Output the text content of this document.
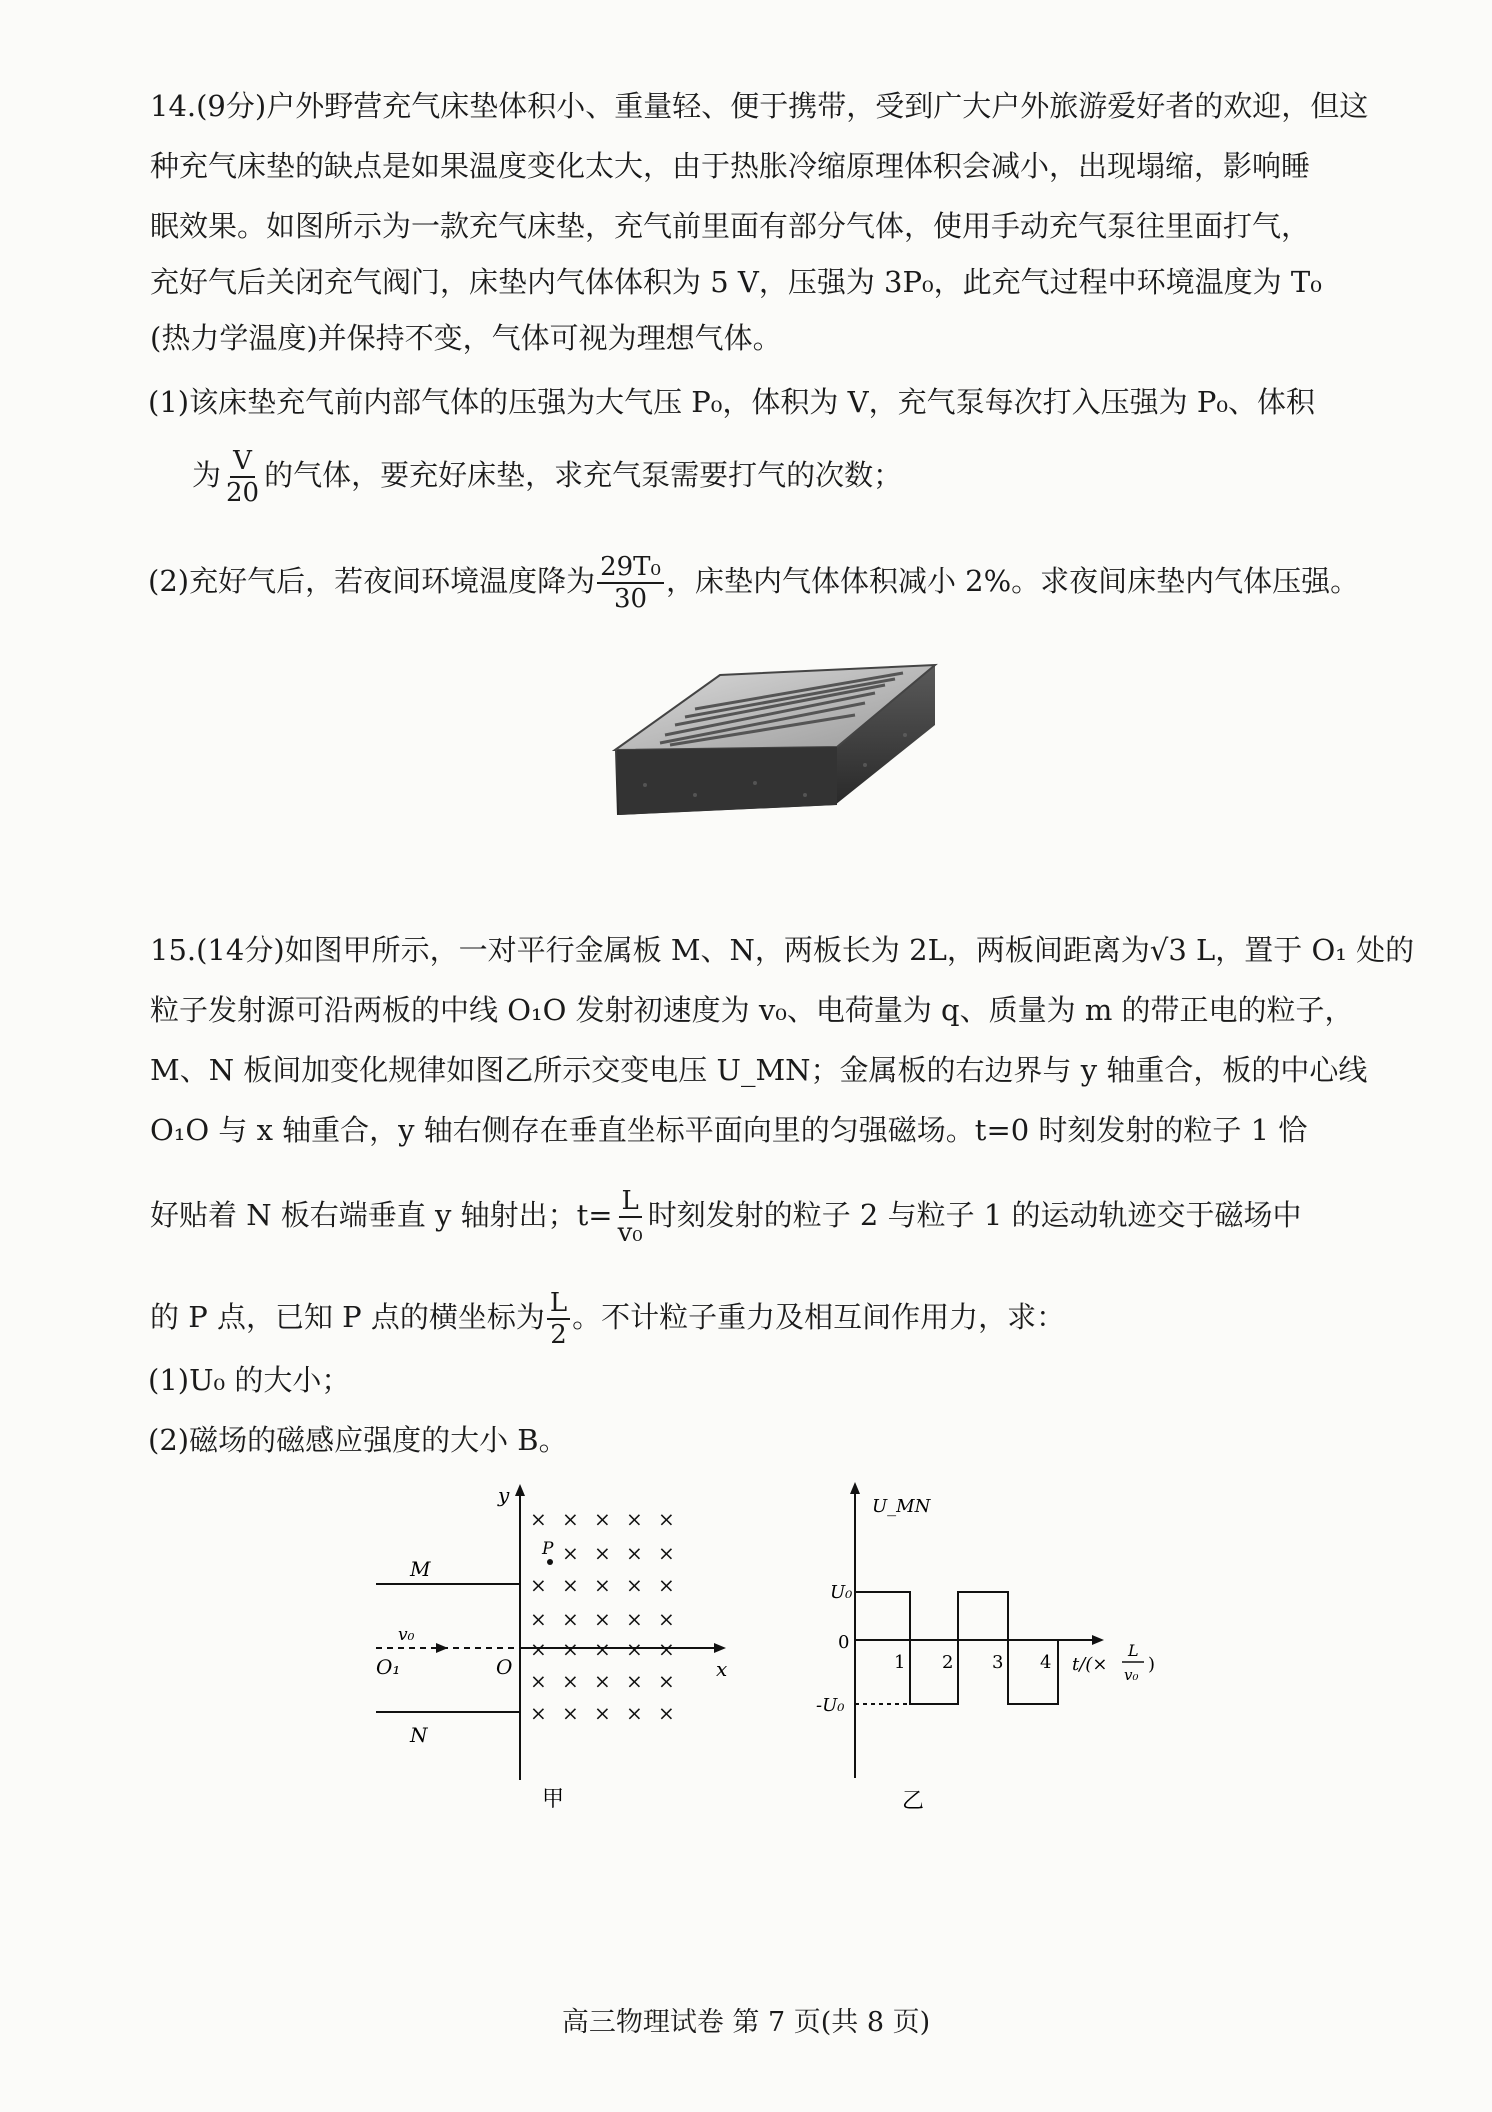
14.(9分)户外野营充气床垫体积小、重量轻、便于携带，受到广大户外旅游爱好者的欢迎，但这
种充气床垫的缺点是如果温度变化太大，由于热胀冷缩原理体积会减小，出现塌缩，影响睡
眠效果。如图所示为一款充气床垫，充气前里面有部分气体，使用手动充气泵往里面打气，
充好气后关闭充气阀门，床垫内气体体积为 5 V，压强为 3P₀，此充气过程中环境温度为 T₀
(热力学温度)并保持不变，气体可视为理想气体。
(1)该床垫充气前内部气体的压强为大气压 P₀，体积为 V，充气泵每次打入压强为 P₀、体积
为 $\frac{V}{20}$ 的气体，要充好床垫，求充气泵需要打气的次数；
(2)充好气后，若夜间环境温度降为 $\frac{\text{29T₀}}{30}$ ，床垫内气体体积减小 2%。求夜间床垫内气体压强。
15.(14分)如图甲所示，一对平行金属板 M、N，两板长为 2L，两板间距离为√3 L，置于 O₁ 处的
粒子发射源可沿两板的中线 O₁O 发射初速度为 v₀、电荷量为 q、质量为 m 的带正电的粒子，
M、N 板间加变化规律如图乙所示交变电压 U_MN；金属板的右边界与 y 轴重合，板的中心线
O₁O 与 x 轴重合，y 轴右侧存在垂直坐标平面向里的匀强磁场。t=0 时刻发射的粒子 1 恰
好贴着 N 板右端垂直 y 轴射出；$t= \frac{L}{\text{v₀}}$ 时刻发射的粒子 2 与粒子 1 的运动轨迹交于磁场中
的 P 点，已知 P 点的横坐标为 $\frac{L}{2}$ 。不计粒子重力及相互间作用力，求：
(1)U₀ 的大小；
(2)磁场的磁感应强度的大小 B。
y
x
M
N
v₀
O₁	O
× × × × ×
× × × ×
× × × × ×
× × × × ×
× × × × ×
× × × × ×
× × × × ×
P
甲
U_MN
U₀
0
-U₀
1 2 3 4 t/(×
L
v₀ )
乙
高三物理试卷 第 7 页(共 8 页)
